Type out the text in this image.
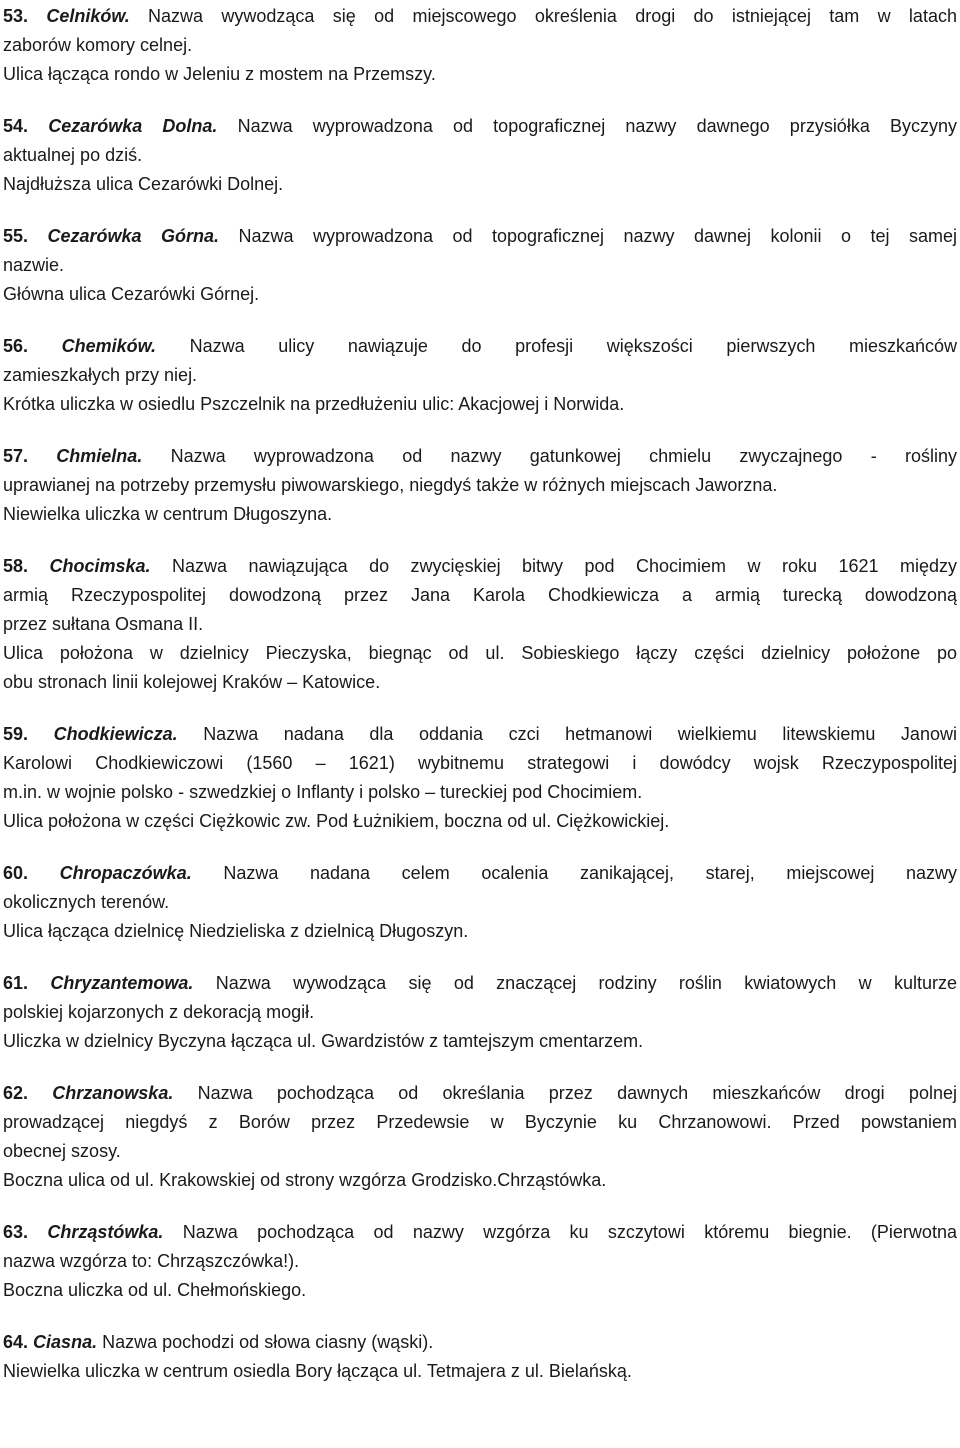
53. Celników. Nazwa wywodząca się od miejscowego określenia drogi do istniejącej tam w latach
zaborów komory celnej.
Ulica łącząca rondo w Jeleniu z mostem na Przemszy.
54. Cezarówka Dolna. Nazwa wyprowadzona od topograficznej nazwy dawnego przysiółka Byczyny
aktualnej po dziś.
Najdłuższa ulica Cezarówki Dolnej.
55. Cezarówka Górna. Nazwa wyprowadzona od topograficznej nazwy dawnej kolonii o tej samej
nazwie.
Główna ulica Cezarówki Górnej.
56. Chemików. Nazwa ulicy nawiązuje do profesji większości pierwszych mieszkańców
zamieszkałych przy niej.
Krótka uliczka w osiedlu Pszczelnik na przedłużeniu ulic: Akacjowej i Norwida.
57. Chmielna. Nazwa wyprowadzona od nazwy gatunkowej chmielu zwyczajnego - rośliny
uprawianej na potrzeby przemysłu piwowarskiego, niegdyś także w różnych miejscach Jaworzna.
Niewielka uliczka w centrum Długoszyna.
58. Chocimska. Nazwa nawiązująca do zwycięskiej bitwy pod Chocimiem w roku 1621 między
armią Rzeczypospolitej dowodzoną przez Jana Karola Chodkiewicza a armią turecką dowodzoną
przez sułtana Osmana II.
Ulica położona w dzielnicy Pieczyska, biegnąc od ul. Sobieskiego łączy części dzielnicy położone po
obu stronach linii kolejowej Kraków – Katowice.
59. Chodkiewicza. Nazwa nadana dla oddania czci hetmanowi wielkiemu litewskiemu Janowi
Karolowi Chodkiewiczowi (1560 – 1621) wybitnemu strategowi i dowódcy wojsk Rzeczypospolitej
m.in. w wojnie polsko - szwedzkiej o Inflanty i polsko – tureckiej pod Chocimiem.
Ulica położona w części Ciężkowic zw. Pod Łużnikiem, boczna od ul. Ciężkowickiej.
60. Chropaczówka. Nazwa nadana celem ocalenia zanikającej, starej, miejscowej nazwy
okolicznych terenów.
Ulica łącząca dzielnicę Niedzieliska z dzielnicą Długoszyn.
61. Chryzantemowa. Nazwa wywodząca się od znaczącej rodziny roślin kwiatowych w kulturze
polskiej kojarzonych z dekoracją mogił.
Uliczka w dzielnicy Byczyna łącząca ul. Gwardzistów z tamtejszym cmentarzem.
62. Chrzanowska. Nazwa pochodząca od określania przez dawnych mieszkańców drogi polnej
prowadzącej niegdyś z Borów przez Przedewsie w Byczynie ku Chrzanowowi. Przed powstaniem
obecnej szosy.
Boczna ulica od ul. Krakowskiej od strony wzgórza Grodzisko.Chrząstówka.
63. Chrząstówka. Nazwa pochodząca od nazwy wzgórza ku szczytowi któremu biegnie. (Pierwotna
nazwa wzgórza to: Chrząszczówka!).
Boczna uliczka od ul. Chełmońskiego.
64. Ciasna. Nazwa pochodzi od słowa ciasny (wąski).
Niewielka uliczka w centrum osiedla Bory łącząca ul. Tetmajera z ul. Bielańską.
